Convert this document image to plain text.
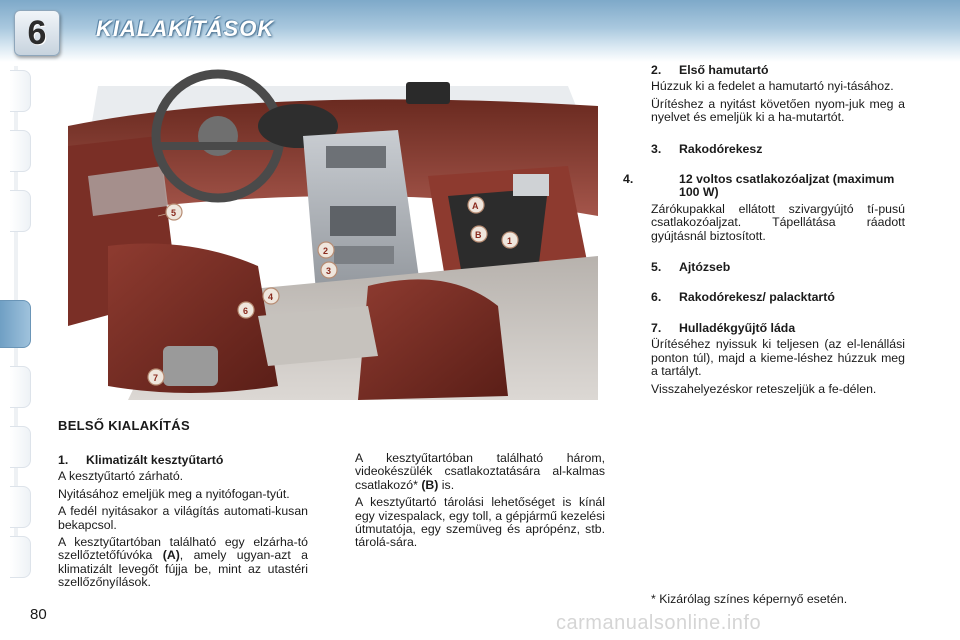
6 KIALAKÍTÁSOK
5
2
3
4
6
7
A
B
1
BELSŐ KIALAKÍTÁS
1. Klimatizált kesztyűtartó

A kesztyűtartó zárható.

Nyitásához emeljük meg a nyitófogan-tyút.

A fedél nyitásakor a világítás automati-kusan bekapcsol.

A kesztyűtartóban található egy elzárha-tó szellőztetőfúvóka (A), amely ugyan-azt a klimatizált levegőt fújja be, mint az utastéri szellőzőnyílások.

A kesztyűtartóban található három, videokészülék csatlakoztatására al-kalmas csatlakozó* (B) is.

A kesztyűtartó tárolási lehetőséget is kínál egy vizespalack, egy toll, a gépjármű kezelési útmutatója, egy szemüveg és aprópénz, stb. tárolá-sára.

2. Első hamutartó

Húzzuk ki a fedelet a hamutartó nyi-tásához.

Ürítéshez a nyitást követően nyom-juk meg a nyelvet és emeljük ki a ha-mutartót.

3. Rakodórekesz
4.	12 voltos csatlakozóaljzat (maximum 100 W)

Zárókupakkal ellátott szivargyújtó tí-pusú csatlakozóaljzat. Tápellátása ráadott gyújtásnál biztosított.

5. Ajtózseb
6. Rakodórekesz/ palacktartó
7. Hulladékgyűjtő láda

Ürítéséhez nyissuk ki teljesen (az el-lenállási ponton túl), majd a kieme-léshez húzzuk meg a tartályt.

Visszahelyezéskor reteszeljük a fe-délen.

* Kizárólag színes képernyő esetén.
80	carmanualsonline.info
